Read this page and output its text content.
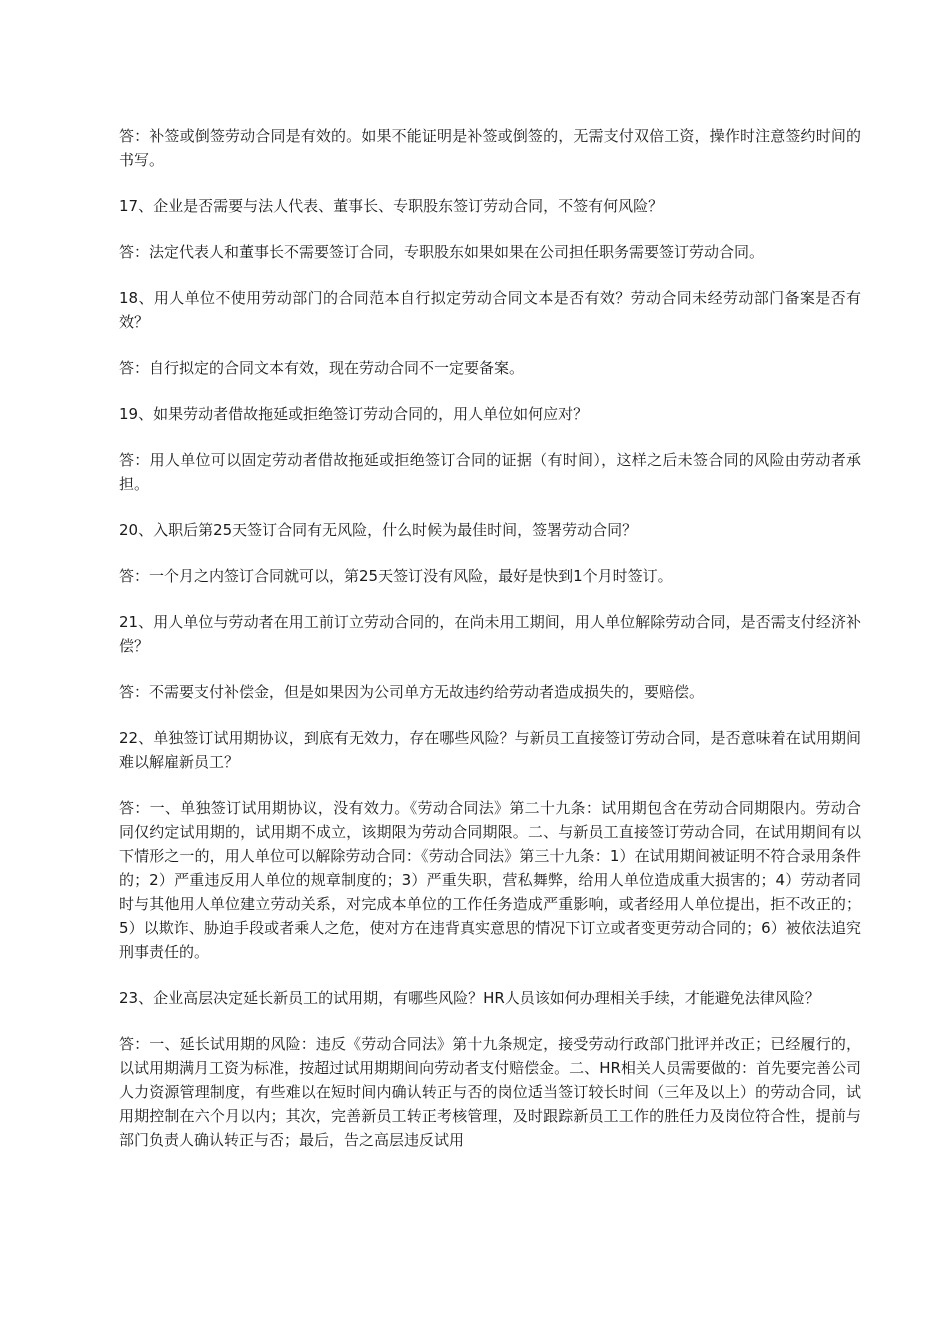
答：补签或倒签劳动合同是有效的。如果不能证明是补签或倒签的，无需支付双倍工资，操作时注意签约时间的书写。

17、企业是否需要与法人代表、董事长、专职股东签订劳动合同，不签有何风险？

答：法定代表人和董事长不需要签订合同，专职股东如果如果在公司担任职务需要签订劳动合同。

18、用人单位不使用劳动部门的合同范本自行拟定劳动合同文本是否有效？劳动合同未经劳动部门备案是否有效？

答：自行拟定的合同文本有效，现在劳动合同不一定要备案。

19、如果劳动者借故拖延或拒绝签订劳动合同的，用人单位如何应对？

答：用人单位可以固定劳动者借故拖延或拒绝签订合同的证据（有时间），这样之后未签合同的风险由劳动者承担。

20、入职后第25天签订合同有无风险，什么时候为最佳时间，签署劳动合同？

答：一个月之内签订合同就可以，第25天签订没有风险，最好是快到1个月时签订。

21、用人单位与劳动者在用工前订立劳动合同的，在尚未用工期间，用人单位解除劳动合同，是否需支付经济补偿？

答：不需要支付补偿金，但是如果因为公司单方无故违约给劳动者造成损失的，要赔偿。

22、单独签订试用期协议，到底有无效力，存在哪些风险？与新员工直接签订劳动合同，是否意味着在试用期间难以解雇新员工？

答：一、单独签订试用期协议，没有效力。《劳动合同法》第二十九条：试用期包含在劳动合同期限内。劳动合同仅约定试用期的，试用期不成立，该期限为劳动合同期限。二、与新员工直接签订劳动合同，在试用期间有以下情形之一的，用人单位可以解除劳动合同：《劳动合同法》第三十九条：1）在试用期间被证明不符合录用条件的；2）严重违反用人单位的规章制度的；3）严重失职，营私舞弊，给用人单位造成重大损害的；4）劳动者同时与其他用人单位建立劳动关系，对完成本单位的工作任务造成严重影响，或者经用人单位提出，拒不改正的；5）以欺诈、胁迫手段或者乘人之危，使对方在违背真实意思的情况下订立或者变更劳动合同的；6）被依法追究刑事责任的。

23、企业高层决定延长新员工的试用期，有哪些风险？HR人员该如何办理相关手续，才能避免法律风险？

答：一、延长试用期的风险：违反《劳动合同法》第十九条规定，接受劳动行政部门批评并改正；已经履行的，以试用期满月工资为标准，按超过试用期期间向劳动者支付赔偿金。二、HR相关人员需要做的：首先要完善公司人力资源管理制度，有些难以在短时间内确认转正与否的岗位适当签订较长时间（三年及以上）的劳动合同，试用期控制在六个月以内；其次，完善新员工转正考核管理，及时跟踪新员工工作的胜任力及岗位符合性，提前与部门负责人确认转正与否；最后，告之高层违反试用
